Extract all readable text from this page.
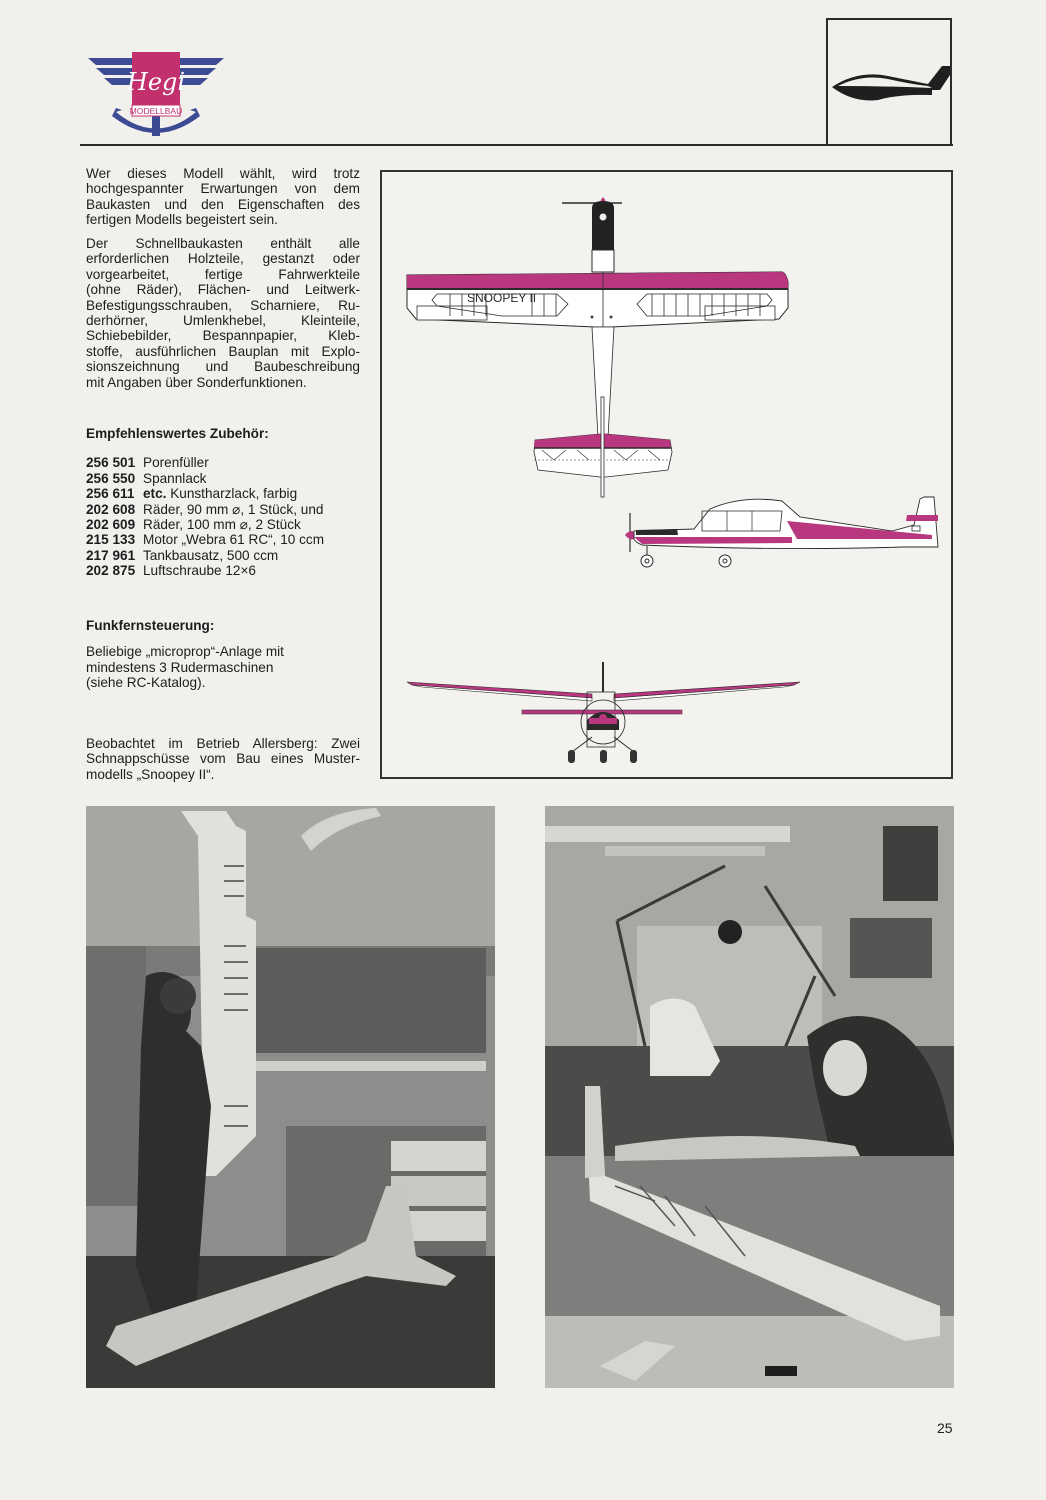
Hegi
MODELLBAU
Wer dieses Modell wählt, wird trotz
hochgespannter Erwartungen von dem
Baukasten und den Eigenschaften des
fertigen Modells begeistert sein.
Der Schnellbaukasten enthält alle
erforderlichen Holzteile, gestanzt oder
vorgearbeitet, fertige Fahrwerkteile
(ohne Räder), Flächen- und Leitwerk-
Befestigungsschrauben, Scharniere, Ru-
derhörner, Umlenkhebel, Kleinteile,
Schiebebilder, Bespannpapier, Kleb-
stoffe, ausführlichen Bauplan mit Explo-
sionszeichnung und Baubeschreibung
mit Angaben über Sonderfunktionen.
Empfehlenswertes Zubehör:
256 501 Porenfüller
256 550 Spannlack
256 611 etc. Kunstharzlack, farbig
202 608 Räder, 90 mm ⌀, 1 Stück, und
202 609 Räder, 100 mm ⌀, 2 Stück
215 133 Motor „Webra 61 RC“, 10 ccm
217 961 Tankbausatz, 500 ccm
202 875 Luftschraube 12×6
Funkfernsteuerung:
Beliebige „microprop“-Anlage mit
mindestens 3 Rudermaschinen
(siehe RC-Katalog).
Beobachtet im Betrieb Allersberg: Zwei
Schnappschüsse vom Bau eines Muster-
modells „Snoopey II“.
SNOOPEY II
25
